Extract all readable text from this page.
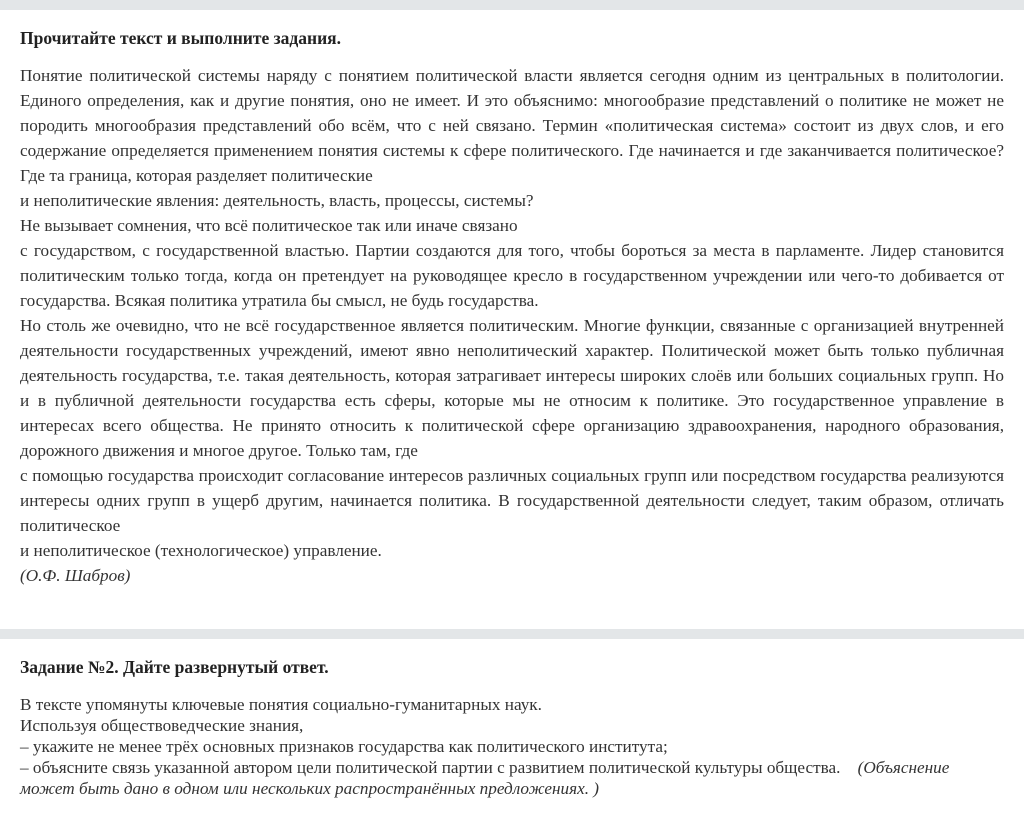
Прочитайте текст и выполните задания.

Понятие политической системы наряду с понятием политической власти является сегодня одним из центральных в политологии. Единого определения, как и другие понятия, оно не имеет. И это объяснимо: многообразие представлений о политике не может не породить многообразия представлений обо всём, что с ней связано. Термин «политическая система» состоит из двух слов, и его содержание определяется применением понятия системы к сфере политического. Где начинается и где заканчивается политическое? Где та граница, которая разделяет политические

и неполитические явления: деятельность, власть, процессы, системы?

Не вызывает сомнения, что всё политическое так или иначе связано

с государством, с государственной властью. Партии создаются для того, чтобы бороться за места в парламенте. Лидер становится политическим только тогда, когда он претендует на руководящее кресло в государственном учреждении или чего-то добивается от государства. Всякая политика утратила бы смысл, не будь государства.

Но столь же очевидно, что не всё государственное является политическим. Многие функции, связанные с организацией внутренней деятельности государственных учреждений, имеют явно неполитический характер. Политической может быть только публичная деятельность государства, т.е. такая деятельность, которая затрагивает интересы широких слоёв или больших социальных групп. Но и в публичной деятельности государства есть сферы, которые мы не относим к политике. Это государственное управление в интересах всего общества. Не принято относить к политической сфере организацию здравоохранения, народного образования, дорожного движения и многое другое. Только там, где

с помощью государства происходит согласование интересов различных социальных групп или посредством государства реализуются интересы одних групп в ущерб другим, начинается политика. В государственной деятельности следует, таким образом, отличать политическое

и неполитическое (технологическое) управление.

(О.Ф. Шабров)

Задание №2. Дайте развернутый ответ.

В тексте упомянуты ключевые понятия социально-гуманитарных наук.

Используя обществоведческие знания,

– укажите не менее трёх основных признаков государства как политического института;

– объясните связь указанной автором цели политической партии с развитием политической культуры общества. (Объяснение может быть дано в одном или нескольких распространённых предложениях. )
